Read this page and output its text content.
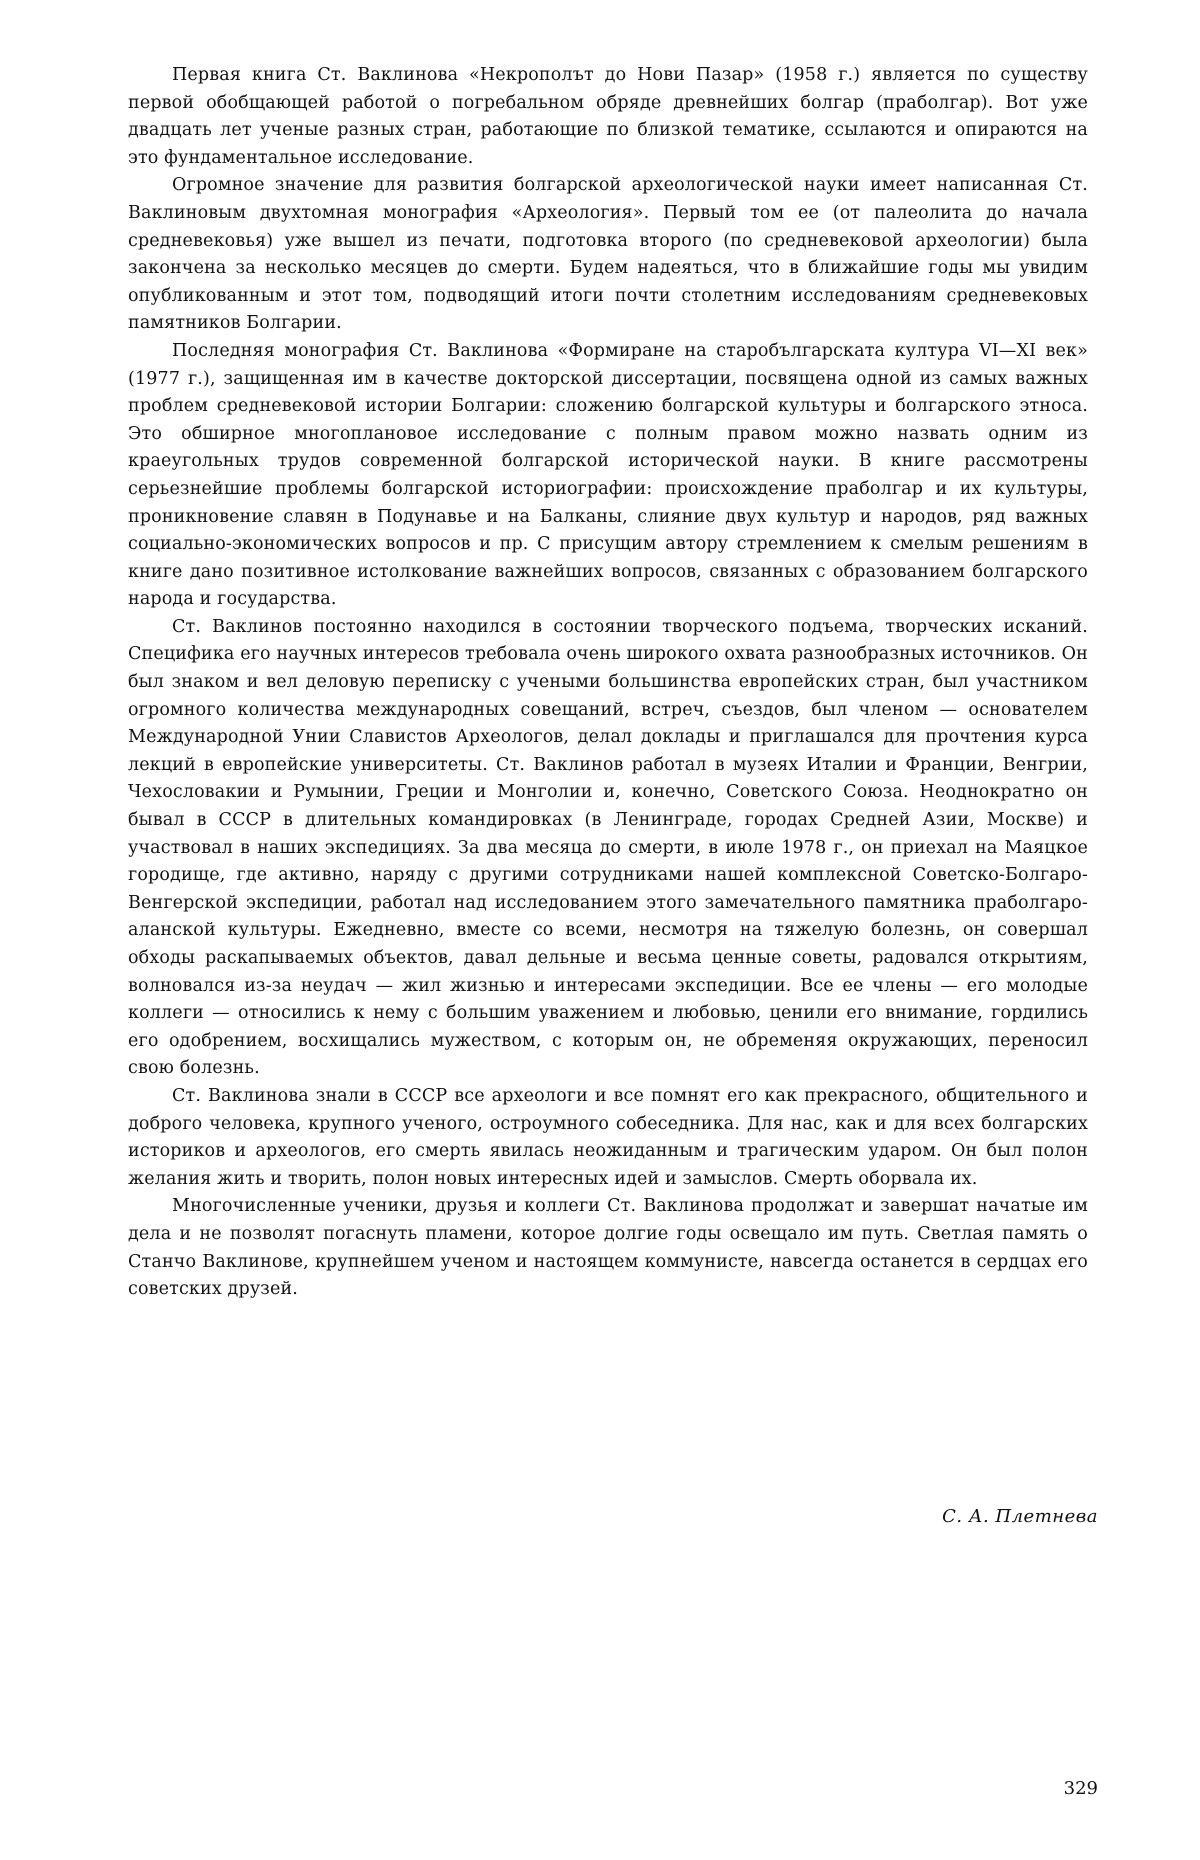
Первая книга Ст. Ваклинова «Некрополът до Нови Пазар» (1958 г.) является по существу первой обобщающей работой о погребальном обряде древнейших болгар (праболгар). Вот уже двадцать лет ученые разных стран, работающие по близкой тематике, ссылаются и опираются на это фундаментальное исследование.

Огромное значение для развития болгарской археологической науки имеет написанная Ст. Ваклиновым двухтомная монография «Археология». Первый том ее (от палеолита до начала средневековья) уже вышел из печати, подготовка второго (по средневековой археологии) была закончена за несколько месяцев до смерти. Будем надеяться, что в ближайшие годы мы увидим опубликованным и этот том, подводящий итоги почти столетним исследованиям средневековых памятников Болгарии.

Последняя монография Ст. Ваклинова «Формиране на старобългарската култура VI—XI век» (1977 г.), защищенная им в качестве докторской диссертации, посвящена одной из самых важных проблем средневековой истории Болгарии: сложению болгарской культуры и болгарского этноса. Это обширное многоплановое исследование с полным правом можно назвать одним из краеугольных трудов современной болгарской исторической науки. В книге рассмотрены серьезнейшие проблемы болгарской историографии: происхождение праболгар и их культуры, проникновение славян в Подунавье и на Балканы, слияние двух культур и народов, ряд важных социально-экономических вопросов и пр. С присущим автору стремлением к смелым решениям в книге дано позитивное истолкование важнейших вопросов, связанных с образованием болгарского народа и государства.

Ст. Ваклинов постоянно находился в состоянии творческого подъема, творческих исканий. Специфика его научных интересов требовала очень широкого охвата разнообразных источников. Он был знаком и вел деловую переписку с учеными большинства европейских стран, был участником огромного количества международных совещаний, встреч, съездов, был членом — основателем Международной Унии Славистов Археологов, делал доклады и приглашался для прочтения курса лекций в европейские университеты. Ст. Ваклинов работал в музеях Италии и Франции, Венгрии, Чехословакии и Румынии, Греции и Монголии и, конечно, Советского Союза. Неоднократно он бывал в СССР в длительных командировках (в Ленинграде, городах Средней Азии, Москве) и участвовал в наших экспедициях. За два месяца до смерти, в июле 1978 г., он приехал на Маяцкое городище, где активно, наряду с другими сотрудниками нашей комплексной Советско-Болгаро-Венгерской экспедиции, работал над исследованием этого замечательного памятника праболгаро-аланской культуры. Ежедневно, вместе со всеми, несмотря на тяжелую болезнь, он совершал обходы раскапываемых объектов, давал дельные и весьма ценные советы, радовался открытиям, волновался из-за неудач — жил жизнью и интересами экспедиции. Все ее члены — его молодые коллеги — относились к нему с большим уважением и любовью, ценили его внимание, гордились его одобрением, восхищались мужеством, с которым он, не обременяя окружающих, переносил свою болезнь.

Ст. Ваклинова знали в СССР все археологи и все помнят его как прекрасного, общительного и доброго человека, крупного ученого, остроумного собеседника. Для нас, как и для всех болгарских историков и археологов, его смерть явилась неожиданным и трагическим ударом. Он был полон желания жить и творить, полон новых интересных идей и замыслов. Смерть оборвала их.

Многочисленные ученики, друзья и коллеги Ст. Ваклинова продолжат и завершат начатые им дела и не позволят погаснуть пламени, которое долгие годы освещало им путь. Светлая память о Станчо Ваклинове, крупнейшем ученом и настоящем коммунисте, навсегда останется в сердцах его советских друзей.

С. А. Плетнева
329
